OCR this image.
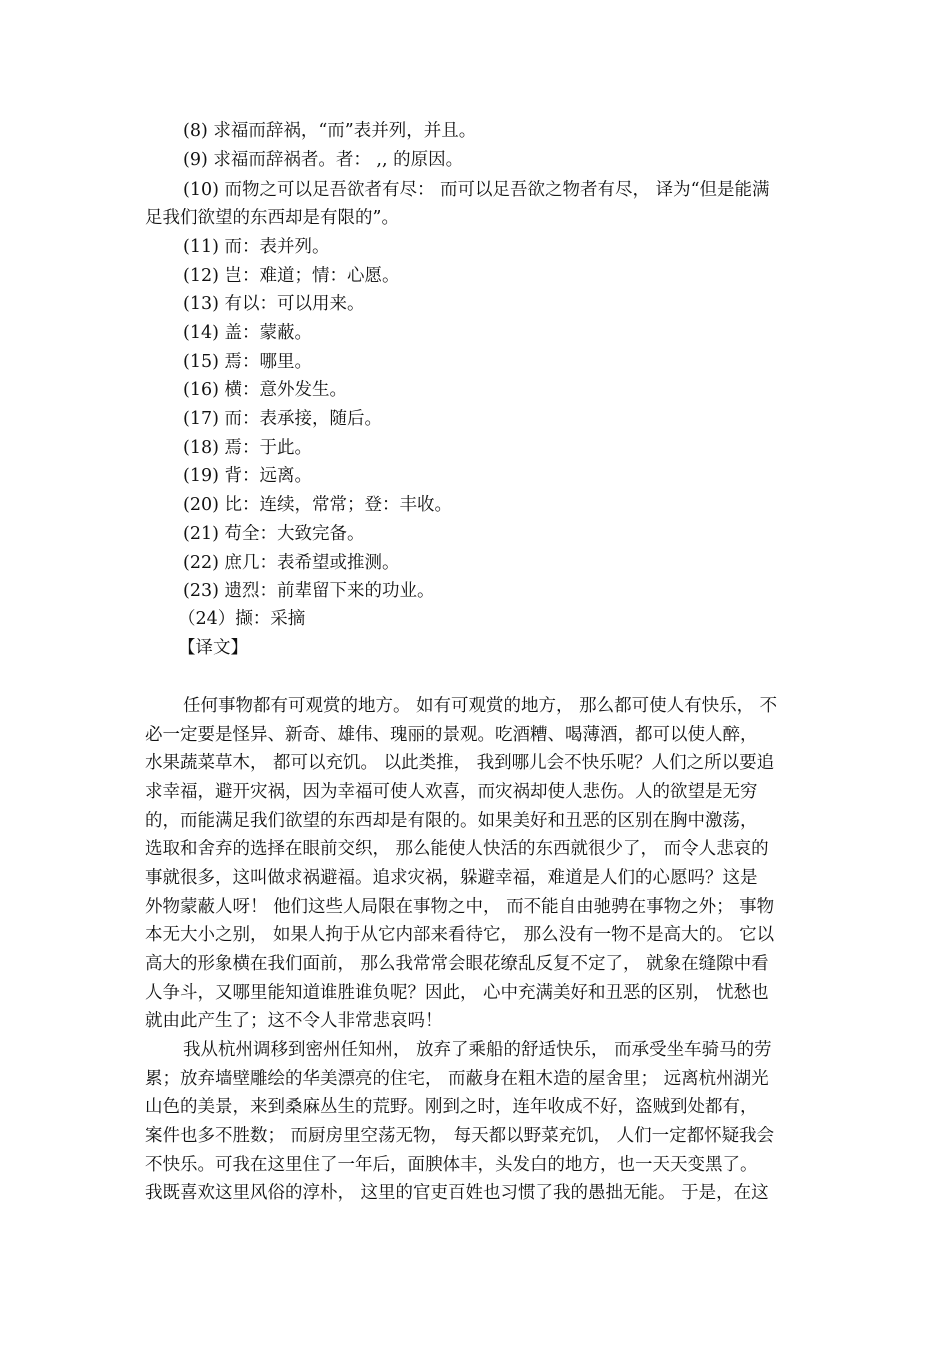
(8) 求福而辞祸，“而”表并列，并且。
(9) 求福而辞祸者。者： ,, 的原因。
(10) 而物之可以足吾欲者有尽： 而可以足吾欲之物者有尽， 译为“但是能满
足我们欲望的东西却是有限的”。
(11) 而：表并列。
(12) 岂：难道；情：心愿。
(13) 有以：可以用来。
(14) 盖：蒙蔽。
(15) 焉：哪里。
(16) 横：意外发生。
(17) 而：表承接，随后。
(18) 焉：于此。
(19) 背：远离。
(20) 比：连续，常常；登：丰收。
(21) 苟全：大致完备。
(22) 庶几：表希望或推测。
(23) 遗烈：前辈留下来的功业。
（24）撷：采摘
【译文】
任何事物都有可观赏的地方。 如有可观赏的地方， 那么都可使人有快乐， 不
必一定要是怪异、新奇、雄伟、瑰丽的景观。吃酒糟、喝薄酒，都可以使人醉，
水果蔬菜草木， 都可以充饥。 以此类推， 我到哪儿会不快乐呢？人们之所以要追
求幸福，避开灾祸，因为幸福可使人欢喜，而灾祸却使人悲伤。人的欲望是无穷
的，而能满足我们欲望的东西却是有限的。如果美好和丑恶的区别在胸中激荡，
选取和舍弃的选择在眼前交织， 那么能使人快活的东西就很少了， 而令人悲哀的
事就很多，这叫做求祸避福。追求灾祸，躲避幸福，难道是人们的心愿吗？这是
外物蒙蔽人呀！ 他们这些人局限在事物之中， 而不能自由驰骋在事物之外； 事物
本无大小之别， 如果人拘于从它内部来看待它， 那么没有一物不是高大的。 它以
高大的形象横在我们面前， 那么我常常会眼花缭乱反复不定了， 就象在缝隙中看
人争斗，又哪里能知道谁胜谁负呢？因此， 心中充满美好和丑恶的区别， 忧愁也
就由此产生了；这不令人非常悲哀吗！
我从杭州调移到密州任知州， 放弃了乘船的舒适快乐， 而承受坐车骑马的劳
累；放弃墙壁雕绘的华美漂亮的住宅， 而蔽身在粗木造的屋舍里； 远离杭州湖光
山色的美景，来到桑麻丛生的荒野。刚到之时，连年收成不好，盗贼到处都有，
案件也多不胜数； 而厨房里空荡无物， 每天都以野菜充饥， 人们一定都怀疑我会
不快乐。可我在这里住了一年后，面腴体丰，头发白的地方，也一天天变黑了。
我既喜欢这里风俗的淳朴， 这里的官吏百姓也习惯了我的愚拙无能。 于是，在这
